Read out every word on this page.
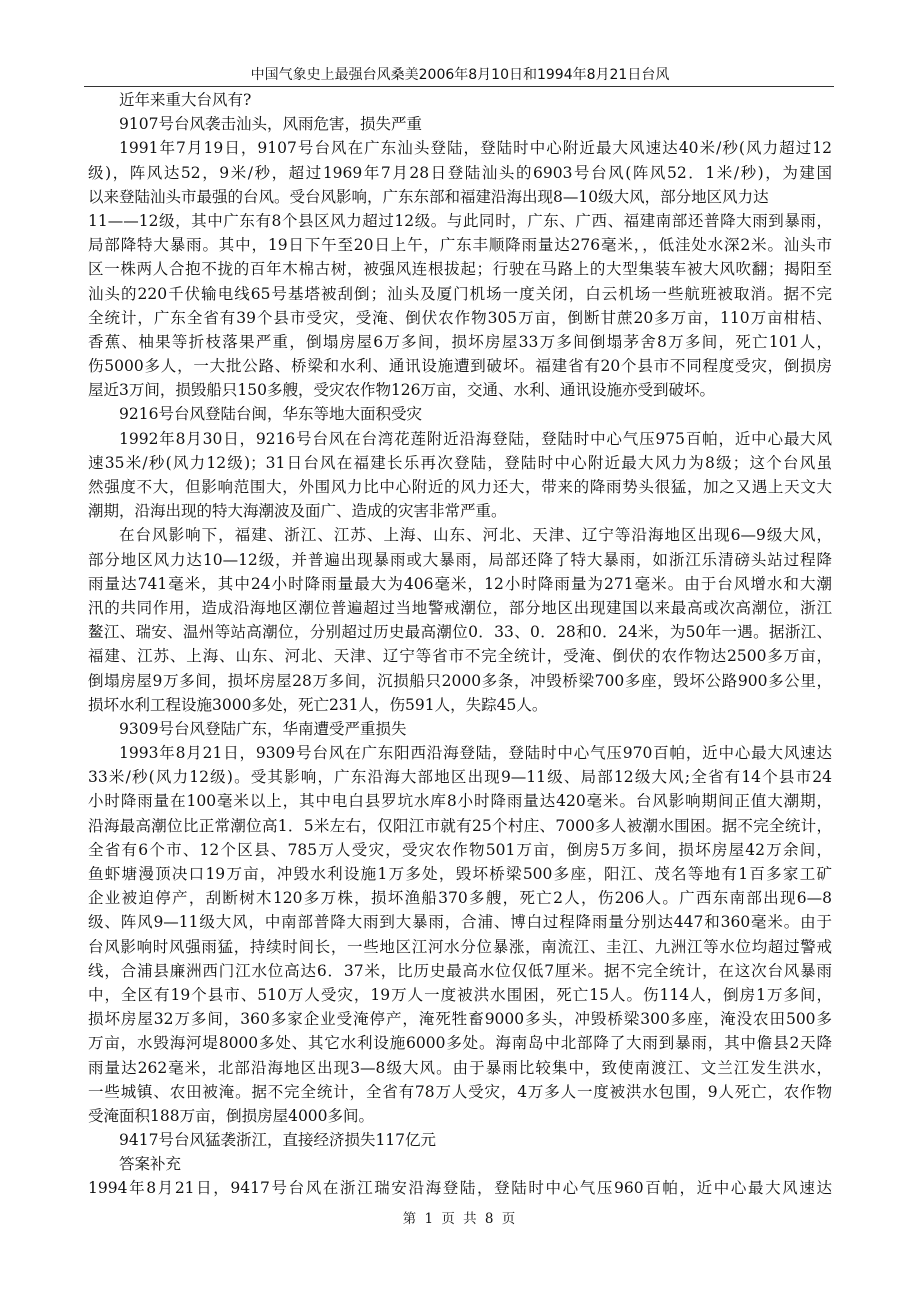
中国气象史上最强台风桑美2006年8月10日和1994年8月21日台风
近年来重大台风有?
9107号台风袭击汕头，风雨危害，损失严重
1991年7月19日，9107号台风在广东汕头登陆，登陆时中心附近最大风速达40米/秒(风力超过12
级)，阵风达52，9米/秒，超过1969年7月28日登陆汕头的6903号台风(阵风52．1米/秒)，为建国
以来登陆汕头市最强的台风。受台风影响，广东东部和福建沿海出现8—10级大风，部分地区风力达
11——12级，其中广东有8个县区风力超过12级。与此同时，广东、广西、福建南部还普降大雨到暴雨，
局部降特大暴雨。其中，19日下午至20日上午，广东丰顺降雨量达276毫米，，低洼处水深2米。汕头市
区一株两人合抱不拢的百年木棉古树，被强风连根拔起；行驶在马路上的大型集装车被大风吹翻；揭阳至
汕头的220千伏输电线65号基塔被刮倒；汕头及厦门机场一度关闭，白云机场一些航班被取消。据不完
全统计，广东全省有39个县市受灾，受淹、倒伏农作物305万亩，倒断甘蔗20多万亩，110万亩柑桔、
香蕉、柚果等折枝落果严重，倒塌房屋6万多间，损坏房屋33万多间倒塌茅舍8万多间，死亡101人，
伤5000多人，一大批公路、桥梁和水利、通讯设施遭到破坏。福建省有20个县市不同程度受灾，倒损房
屋近3万间，损毁船只150多艘，受灾农作物126万亩，交通、水利、通讯设施亦受到破坏。
9216号台风登陆台闽，华东等地大面积受灾
1992年8月30日，9216号台风在台湾花莲附近沿海登陆，登陆时中心气压975百帕，近中心最大风
速35米/秒(风力12级)；31日台风在福建长乐再次登陆，登陆时中心附近最大风力为8级；这个台风虽
然强度不大，但影响范围大，外围风力比中心附近的风力还大，带来的降雨势头很猛，加之又遇上天文大
潮期，沿海出现的特大海潮波及面广、造成的灾害非常严重。
在台风影响下，福建、浙江、江苏、上海、山东、河北、天津、辽宁等沿海地区出现6—9级大风，
部分地区风力达10—12级，并普遍出现暴雨或大暴雨，局部还降了特大暴雨，如浙江乐清磅头站过程降
雨量达741毫米，其中24小时降雨量最大为406毫米，12小时降雨量为271毫米。由于台风增水和大潮
汛的共同作用，造成沿海地区潮位普遍超过当地警戒潮位，部分地区出现建国以来最高或次高潮位，浙江
鳌江、瑞安、温州等站高潮位，分别超过历史最高潮位0．33、0．28和0．24米，为50年一遇。据浙江、
福建、江苏、上海、山东、河北、天津、辽宁等省市不完全统计，受淹、倒伏的农作物达2500多万亩，
倒塌房屋9万多间，损坏房屋28万多间，沉损船只2000多条，冲毁桥梁700多座，毁坏公路900多公里，
损坏水利工程设施3000多处，死亡231人，伤591人，失踪45人。
9309号台风登陆广东，华南遭受严重损失
1993年8月21日，9309号台风在广东阳西沿海登陆，登陆时中心气压970百帕，近中心最大风速达
33米/秒(风力12级)。受其影响，广东沿海大部地区出现9—11级、局部12级大风;全省有14个县市24
小时降雨量在100毫米以上，其中电白县罗坑水库8小时降雨量达420毫米。台风影响期间正值大潮期，
沿海最高潮位比正常潮位高1．5米左右，仅阳江市就有25个村庄、7000多人被潮水围困。据不完全统计，
全省有6个市、12个区县、785万人受灾，受灾农作物501万亩，倒房5万多间，损坏房屋42万余间，
鱼虾塘漫顶决口19万亩，冲毁水利设施1万多处，毁坏桥梁500多座，阳江、茂名等地有1百多家工矿
企业被迫停产，刮断树木120多万株，损坏渔船370多艘，死亡2人，伤206人。广西东南部出现6—8
级、阵风9—11级大风，中南部普降大雨到大暴雨，合浦、博白过程降雨量分别达447和360毫米。由于
台风影响时风强雨猛，持续时间长，一些地区江河水分位暴涨，南流江、圭江、九洲江等水位均超过警戒
线，合浦县廉洲西门江水位高达6．37米，比历史最高水位仅低7厘米。据不完全统计，在这次台风暴雨
中，全区有19个县市、510万人受灾，19万人一度被洪水围困，死亡15人。伤114人，倒房1万多间，
损坏房屋32万多间，360多家企业受淹停产，淹死牲畜9000多头，冲毁桥梁300多座，淹没农田500多
万亩，水毁海河堤8000多处、其它水利设施6000多处。海南岛中北部降了大雨到暴雨，其中儋县2天降
雨量达262毫米，北部沿海地区出现3—8级大风。由于暴雨比较集中，致使南渡江、文兰江发生洪水，
一些城镇、农田被淹。据不完全统计，全省有78万人受灾，4万多人一度被洪水包围，9人死亡，农作物
受淹面积188万亩，倒损房屋4000多间。
9417号台风猛袭浙江，直接经济损失117亿元
答案补充
1994年8月21日，9417号台风在浙江瑞安沿海登陆，登陆时中心气压960百帕，近中心最大风速达
第 1 页 共 8 页
